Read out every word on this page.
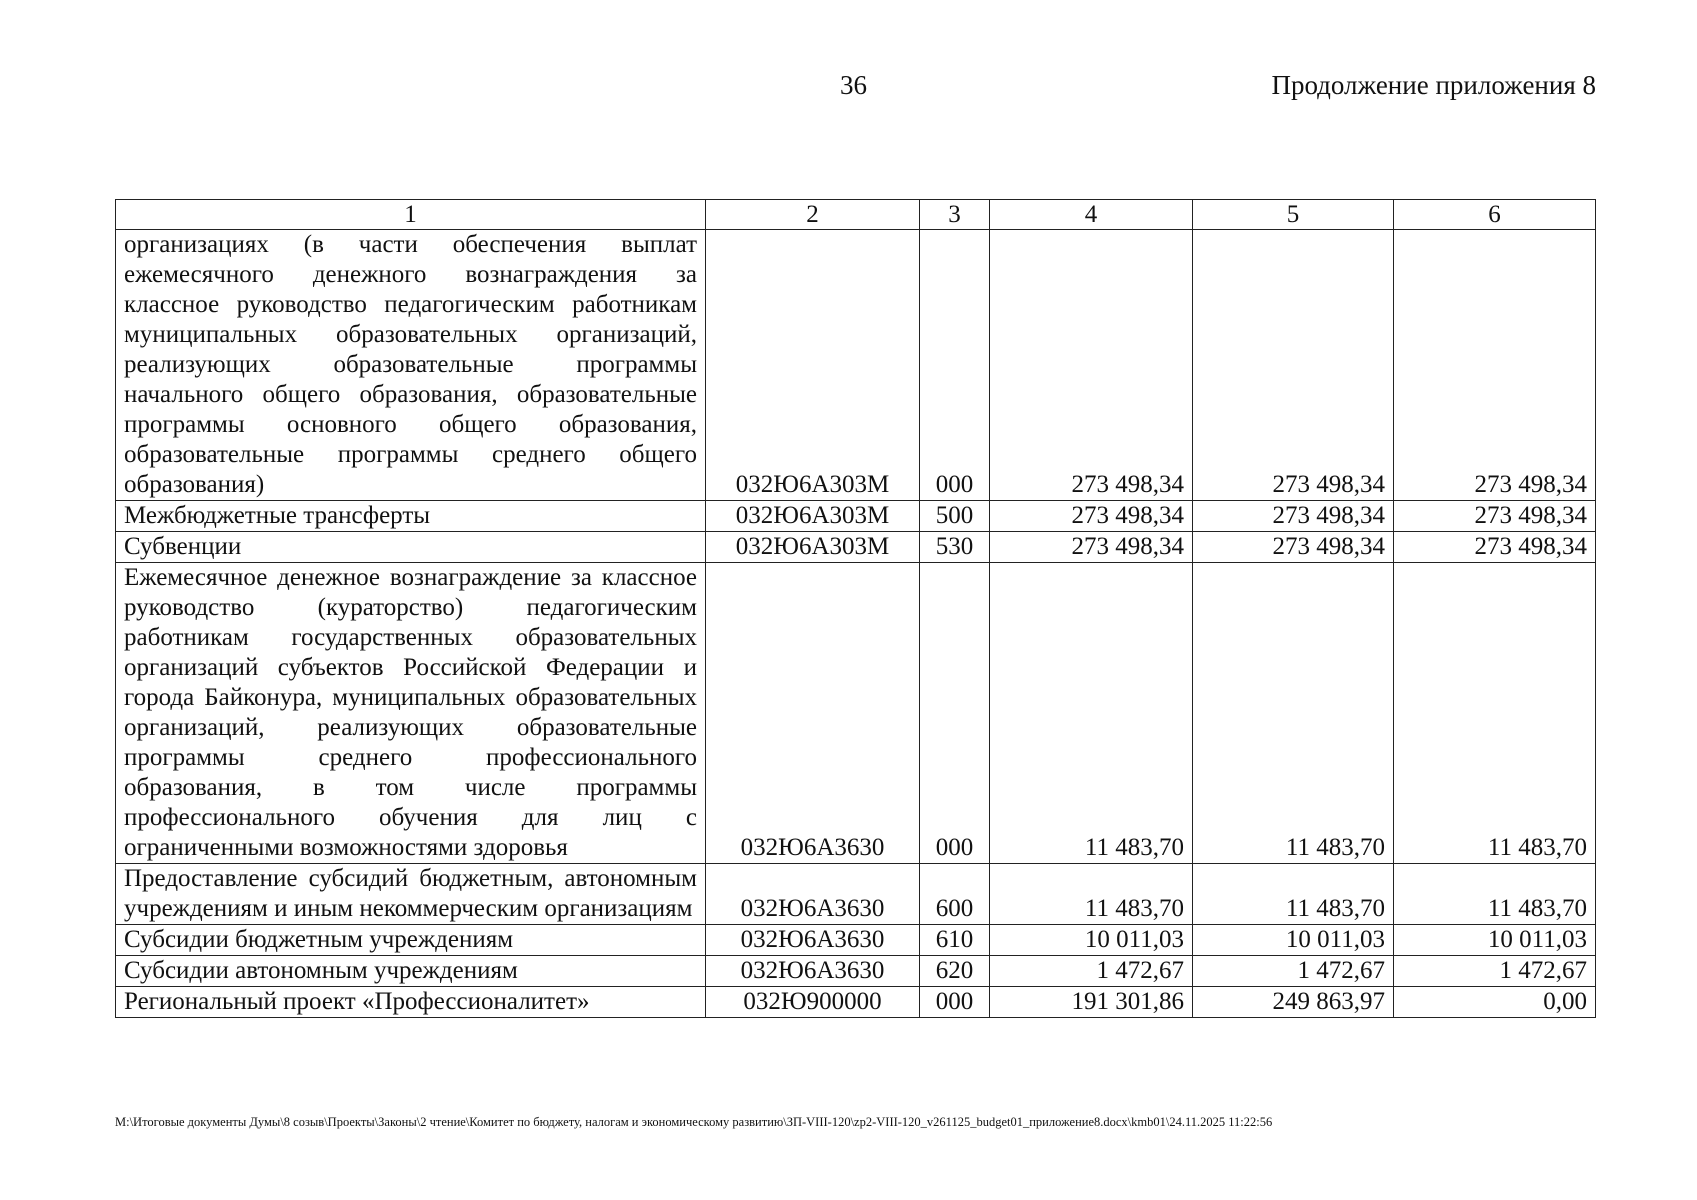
36	Продолжение приложения 8
1	2	3	4	5	6
организациях (в части обеспечения выплат ежемесячного денежного вознаграждения за классное руководство педагогическим работникам муниципальных образовательных организаций, реализующих образовательные программы начального общего образования, образовательные программы основного общего образования, образовательные программы среднего общего образования)	032Ю6А303М	000	273 498,34	273 498,34	273 498,34
Межбюджетные трансферты	032Ю6А303М	500	273 498,34	273 498,34	273 498,34
Субвенции	032Ю6А303М	530	273 498,34	273 498,34	273 498,34
Ежемесячное денежное вознаграждение за классное руководство (кураторство) педагогическим работникам государственных образовательных организаций субъектов Российской Федерации и города Байконура, муниципальных образовательных организаций, реализующих образовательные программы среднего профессионального образования, в том числе программы профессионального обучения для лиц с ограниченными возможностями здоровья	032Ю6А3630	000	11 483,70	11 483,70	11 483,70
Предоставление субсидий бюджетным, автономным учреждениям и иным некоммерческим организациям	032Ю6А3630	600	11 483,70	11 483,70	11 483,70
Субсидии бюджетным учреждениям	032Ю6А3630	610	10 011,03	10 011,03	10 011,03
Субсидии автономным учреждениям	032Ю6А3630	620	1 472,67	1 472,67	1 472,67
Региональный проект «Профессионалитет»	032Ю900000	000	191 301,86	249 863,97	0,00
M:\Итоговые документы Думы\8 созыв\Проекты\Законы\2 чтение\Комитет по бюджету, налогам и экономическому развитию\ЗП-VIII-120\zp2-VIII-120_v261125_budget01_приложение8.docx\kmb01\24.11.2025 11:22:56
